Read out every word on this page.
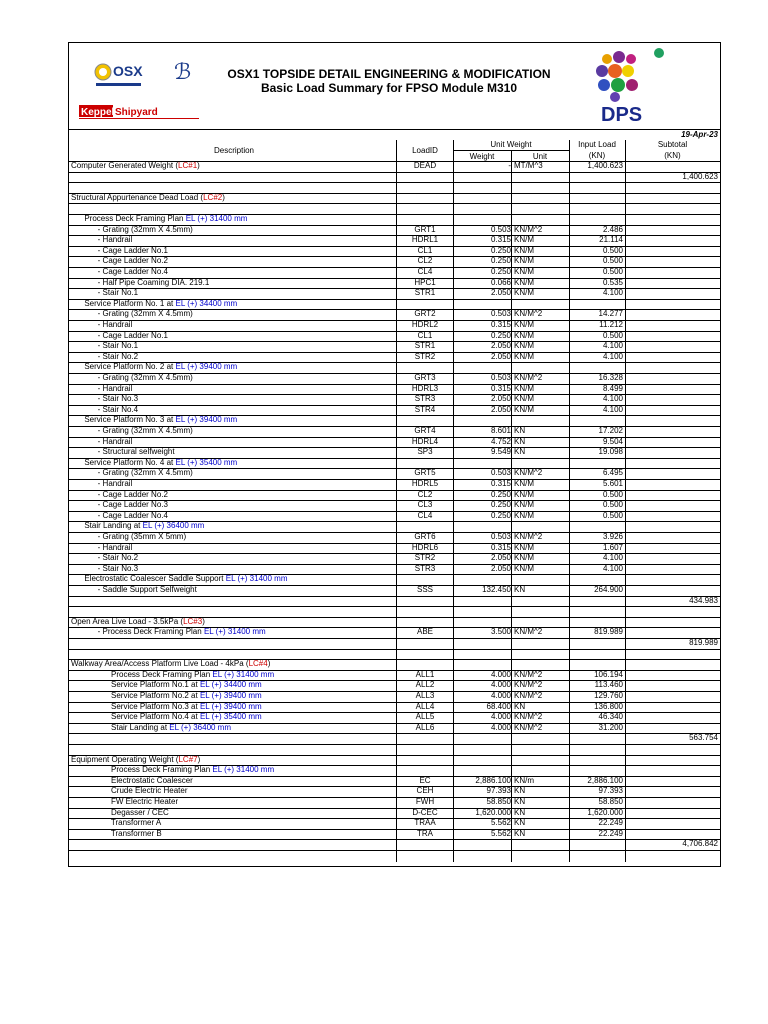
OSX ℬ
Keppel Shipyard
OSX1 TOPSIDE DETAIL ENGINEERING & MODIFICATION
Basic Load Summary for FPSO Module M310
DPS
19-Apr-23
Description	LoadID
Unit Weight
Weight	Unit
Input Load
(KN)
Subtotal
(KN)
Computer Generated Weight (LC#1)	DEAD	- MT/M^3	1,400.623
1,400.623
Structural Appurtenance Dead Load (LC#2)
Process Deck Framing Plan EL (+) 31400 mm
- Grating (32mm X 4.5mm)	GRT1	0.503 KN/M^2	2.486
- Handrail	HDRL1	0.315 KN/M	21.114
- Cage Ladder No.1	CL1	0.250 KN/M	0.500
- Cage Ladder No.2	CL2	0.250 KN/M	0.500
- Cage Ladder No.4	CL4	0.250 KN/M	0.500
- Half Pipe Coaming DIA. 219.1	HPC1	0.066 KN/M	0.535
- Stair No.1	STR1	2.050 KN/M	4.100
Service Platform No. 1 at EL (+) 34400 mm
- Grating (32mm X 4.5mm)	GRT2	0.503 KN/M^2	14.277
- Handrail	HDRL2	0.315 KN/M	11.212
- Cage Ladder No.1	CL1	0.250 KN/M	0.500
- Stair No.1	STR1	2.050 KN/M	4.100
- Stair No.2	STR2	2.050 KN/M	4.100
Service Platform No. 2 at EL (+) 39400 mm
- Grating (32mm X 4.5mm)	GRT3	0.503 KN/M^2	16.328
- Handrail	HDRL3	0.315 KN/M	8.499
- Stair No.3	STR3	2.050 KN/M	4.100
- Stair No.4	STR4	2.050 KN/M	4.100
Service Platform No. 3 at EL (+) 39400 mm
- Grating (32mm X 4.5mm)	GRT4	8.601 KN	17.202
- Handrail	HDRL4	4.752 KN	9.504
- Structural selfweight	SP3	9.549 KN	19.098
Service Platform No. 4 at EL (+) 35400 mm
- Grating (32mm X 4.5mm)	GRT5	0.503 KN/M^2	6.495
- Handrail	HDRL5	0.315 KN/M	5.601
- Cage Ladder No.2	CL2	0.250 KN/M	0.500
- Cage Ladder No.3	CL3	0.250 KN/M	0.500
- Cage Ladder No.4	CL4	0.250 KN/M	0.500
Stair Landing at EL (+) 36400 mm
- Grating (35mm X 5mm)	GRT6	0.503 KN/M^2	3.926
- Handrail	HDRL6	0.315 KN/M	1.607
- Stair No.2	STR2	2.050 KN/M	4.100
- Stair No.3	STR3	2.050 KN/M	4.100
Electrostatic Coalescer Saddle Support EL (+) 31400 mm
- Saddle Support Selfweight	SSS	132.450 KN	264.900
434.983
Open Area Live Load - 3.5kPa (LC#3)
- Process Deck Framing Plan EL (+) 31400 mm	ABE	3.500 KN/M^2	819.989
819.989
Walkway Area/Access Platform Live Load - 4kPa (LC#4)
Process Deck Framing Plan EL (+) 31400 mm	ALL1	4.000 KN/M^2	106.194
Service Platform No.1 at EL (+) 34400 mm	ALL2	4.000 KN/M^2	113.460
Service Platform No.2 at EL (+) 39400 mm	ALL3	4.000 KN/M^2	129.760
Service Platform No.3 at EL (+) 39400 mm	ALL4	68.400 KN	136.800
Service Platform No.4 at EL (+) 35400 mm	ALL5	4.000 KN/M^2	46.340
Stair Landing at EL (+) 36400 mm	ALL6	4.000 KN/M^2	31.200
563.754
Equipment Operating Weight (LC#7)
Process Deck Framing Plan EL (+) 31400 mm
Electrostatic Coalescer	EC	2,886.100 KN/m	2,886.100
Crude Electric Heater	CEH	97.393 KN	97.393
FW Electric Heater	FWH	58.850 KN	58.850
Degasser / CEC	D-CEC	1,620.000 KN	1,620.000
Transformer A	TRAA	5.562 KN	22.249
Transformer B	TRA	5.562 KN	22.249
4,706.842
